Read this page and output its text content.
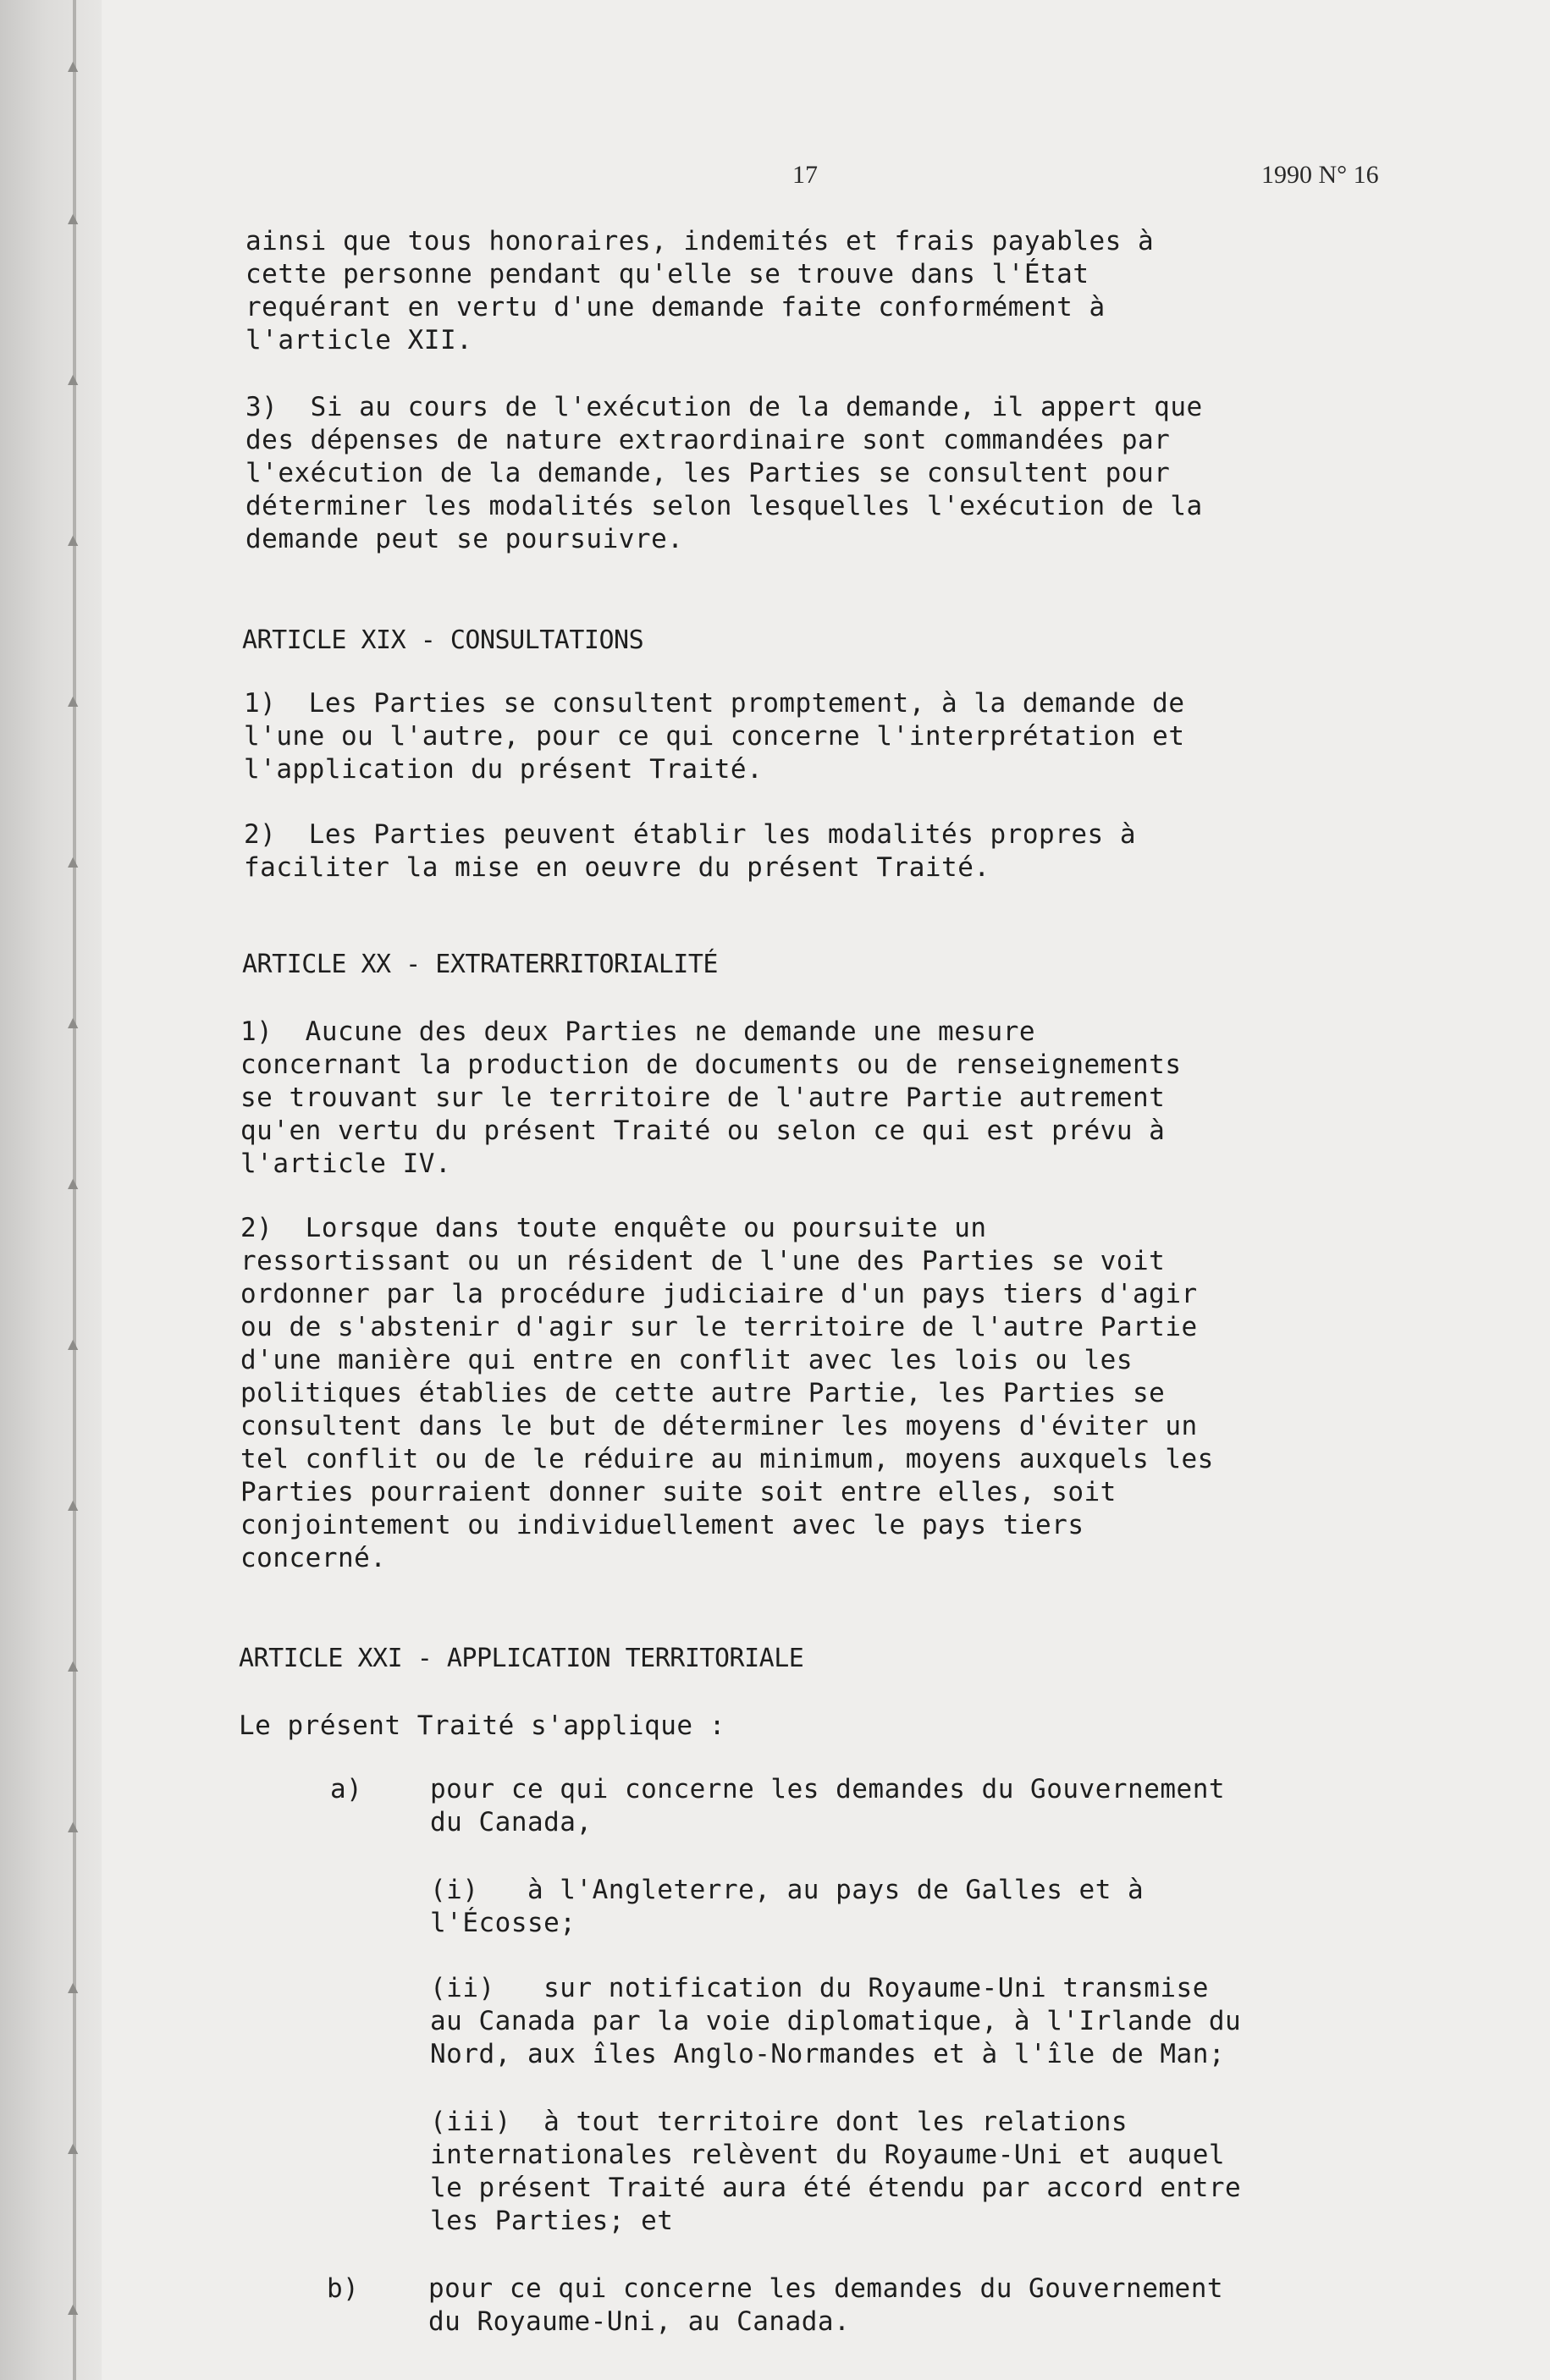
▲
▲
▲
▲
▲
▲
▲
▲
▲
▲
▲
▲
▲
▲
▲
17	1990 N° 16

ainsi que tous honoraires, indemités et frais payables à
cette personne pendant qu'elle se trouve dans l'État
requérant en vertu d'une demande faite conformément à
l'article XII.

3)  Si au cours de l'exécution de la demande, il appert que
des dépenses de nature extraordinaire sont commandées par
l'exécution de la demande, les Parties se consultent pour
déterminer les modalités selon lesquelles l'exécution de la
demande peut se poursuivre.

ARTICLE XIX - CONSULTATIONS

1)  Les Parties se consultent promptement, à la demande de
l'une ou l'autre, pour ce qui concerne l'interprétation et
l'application du présent Traité.

2)  Les Parties peuvent établir les modalités propres à
faciliter la mise en oeuvre du présent Traité.

ARTICLE XX - EXTRATERRITORIALITÉ

1)  Aucune des deux Parties ne demande une mesure
concernant la production de documents ou de renseignements
se trouvant sur le territoire de l'autre Partie autrement
qu'en vertu du présent Traité ou selon ce qui est prévu à
l'article IV.

2)  Lorsque dans toute enquête ou poursuite un
ressortissant ou un résident de l'une des Parties se voit
ordonner par la procédure judiciaire d'un pays tiers d'agir
ou de s'abstenir d'agir sur le territoire de l'autre Partie
d'une manière qui entre en conflit avec les lois ou les
politiques établies de cette autre Partie, les Parties se
consultent dans le but de déterminer les moyens d'éviter un
tel conflit ou de le réduire au minimum, moyens auxquels les
Parties pourraient donner suite soit entre elles, soit
conjointement ou individuellement avec le pays tiers
concerné.

ARTICLE XXI - APPLICATION TERRITORIALE

Le présent Traité s'applique :

a)	pour ce qui concerne les demandes du Gouvernement
du Canada,

(i)   à l'Angleterre, au pays de Galles et à
l'Écosse;

(ii)   sur notification du Royaume-Uni transmise
au Canada par la voie diplomatique, à l'Irlande du
Nord, aux îles Anglo-Normandes et à l'île de Man;

(iii)  à tout territoire dont les relations
internationales relèvent du Royaume-Uni et auquel
le présent Traité aura été étendu par accord entre
les Parties; et

b)	pour ce qui concerne les demandes du Gouvernement
du Royaume-Uni, au Canada.
